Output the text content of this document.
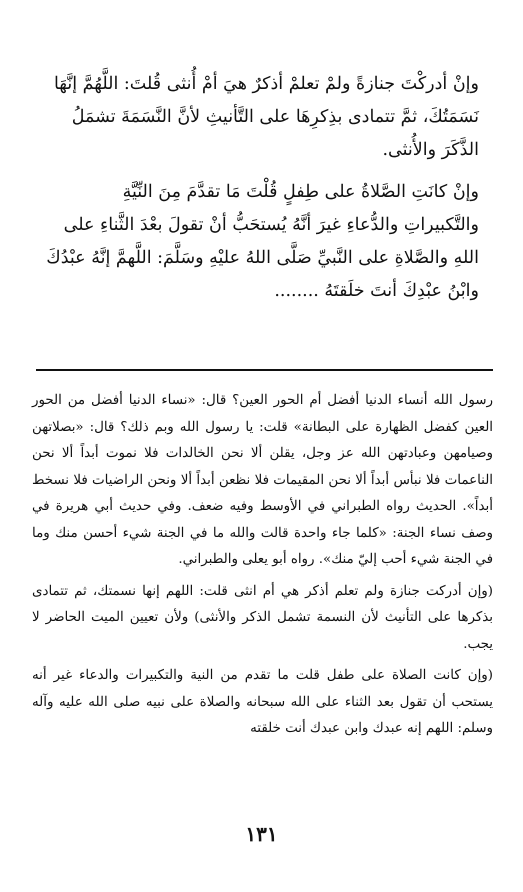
وإنْ أدركْتَ جنازةً ولمْ تعلمْ أذكرٌ هيَ أمْ أُنثى قُلتَ: اللَّهُمَّ إنَّهَا نَسَمَتُكَ، ثمَّ تتمادى بذِكرِهَا على التَّأنيثِ لأنَّ النَّسَمَةَ تشمَلُ الذَّكَرَ والأُنثى.

وإنْ كانَتِ الصَّلاةُ على طِفلٍ قُلْتَ مَا تقدَّمَ مِنَ النِّيَّةِ والتَّكبيراتِ والدُّعاءِ غيرَ أنَّهُ يُستحَبُّ أنْ تقولَ بعْدَ الثَّناءِ على اللهِ والصَّلاةِ على النَّبيِّ صَلَّى اللهُ عليْهِ وسَلَّمَ: اللَّهمَّ إنَّهُ عبْدُكَ وابْنُ عبْدِكَ أنتَ خلَقتَهُ ........

رسول الله أنساء الدنيا أفضل أم الحور العين؟ قال: «نساء الدنيا أفضل من الحور العين كفضل الظهارة على البطانة» قلت: يا رسول الله وبم ذلك؟ قال: «بصلاتهن وصيامهن وعبادتهن الله عز وجل، يقلن ألا نحن الخالدات فلا نموت أبداً ألا نحن الناعمات فلا نبأس أبداً ألا نحن المقيمات فلا نظعن أبداً ألا ونحن الراضيات فلا نسخط أبداً». الحديث رواه الطبراني في الأوسط وفيه ضعف. وفي حديث أبي هريرة في وصف نساء الجنة: «كلما جاء واحدة قالت والله ما في الجنة شيء أحسن منك وما في الجنة شيء أحب إليّ منك». رواه أبو يعلى والطبراني.

(وإن أدركت جنازة ولم تعلم أذكر هي أم انثى قلت: اللهم إنها نسمتك، ثم تتمادى بذكرها على التأنيث لأن النسمة تشمل الذكر والأنثى) ولأن تعيين الميت الحاضر لا يجب.

(وإن كانت الصلاة على طفل قلت ما تقدم من النية والتكبيرات والدعاء غير أنه يستحب أن تقول بعد الثناء على الله سبحانه والصلاة على نبيه صلى الله عليه وآله وسلم: اللهم إنه عبدك وابن عبدك أنت خلقته

١٣١
